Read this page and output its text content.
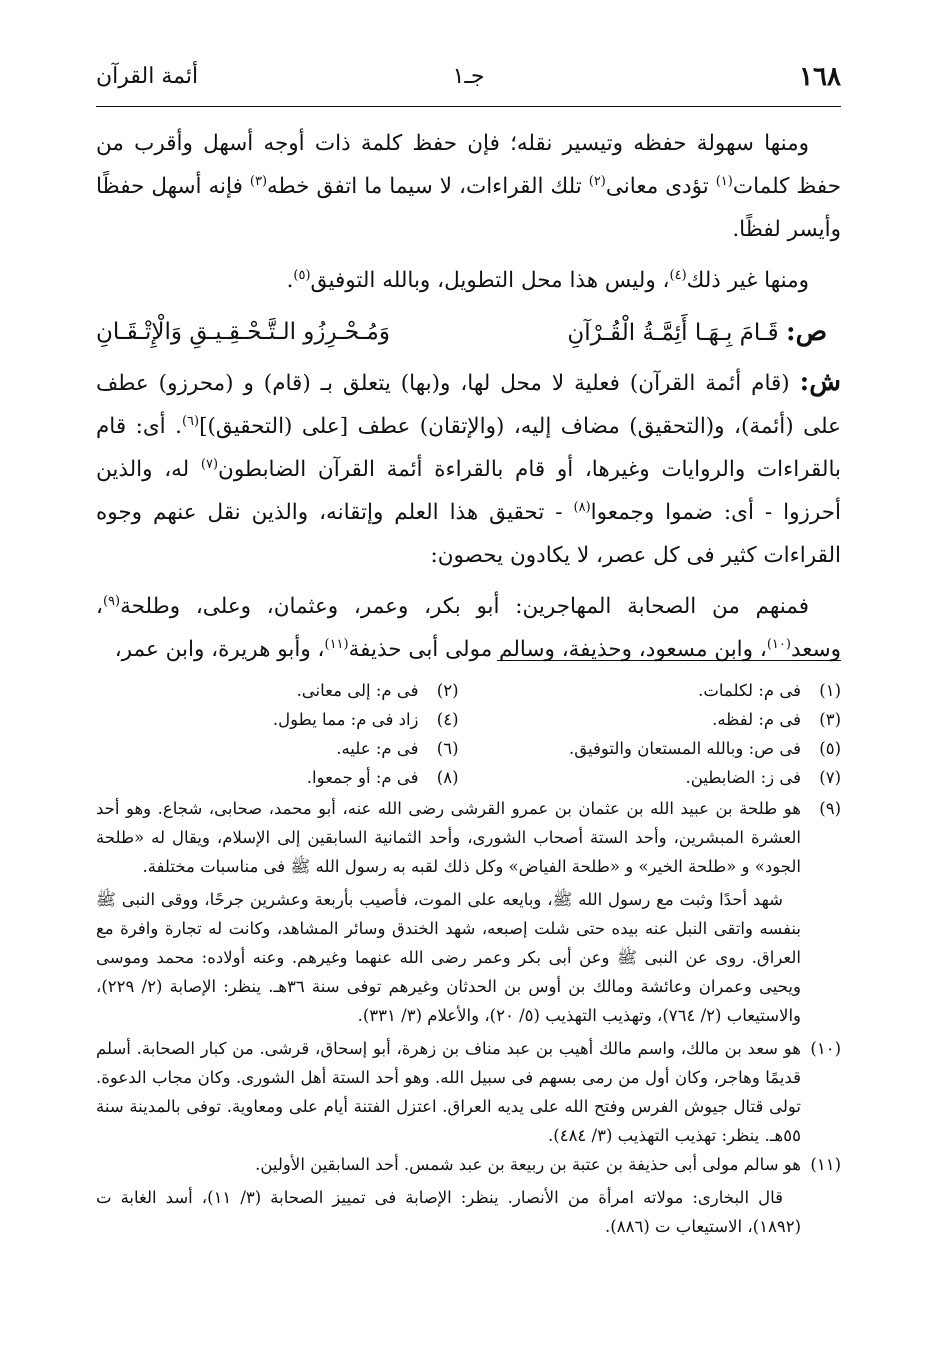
١٦٨
جـ١
أئمة القرآن

ومنها سهولة حفظه وتيسير نقله؛ فإن حفظ كلمة ذات أوجه أسهل وأقرب من حفظ كلمات$^{(١)}$ تؤدى معانى$^{(٢)}$ تلك القراءات، لا سيما ما اتفق خطه$^{(٣)}$ فإنه أسهل حفظًا وأيسر لفظًا.

ومنها غير ذلك$^{(٤)}$، وليس هذا محل التطويل، وبالله التوفيق$^{(٥)}$.

ص: قَـامَ بِـهَـا أَئِمَّـةُ الْقُـرْآنِ
وَمُـحْـرِزُو الـتَّـحْـقِـيـقِ وَالْإِتْـقَـانِ

ش: (قام أئمة القرآن) فعلية لا محل لها، و(بها) يتعلق بـ (قام) و (محرزو) عطف على (أئمة)، و(التحقيق) مضاف إليه، (والإتقان) عطف [على (التحقيق)]$^{(٦)}$. أى: قام بالقراءات والروايات وغيرها، أو قام بالقراءة أئمة القرآن الضابطون$^{(٧)}$ له، والذين أحرزوا - أى: ضموا وجمعوا$^{(٨)}$ - تحقيق هذا العلم وإتقانه، والذين نقل عنهم وجوه القراءات كثير فى كل عصر، لا يكادون يحصون:

فمنهم من الصحابة المهاجرين: أبو بكر، وعمر، وعثمان، وعلى، وطلحة$^{(٩)}$، وسعد$^{(١٠)}$، وابن مسعود، وحذيفة، وسالم مولى أبى حذيفة$^{(١١)}$، وأبو هريرة، وابن عمر،

(١)
فى م: لكلمات.
(٢)
فى م: إلى معانى.
(٣)
فى م: لفظه.
(٤)
زاد فى م: مما يطول.
(٥)
فى ص: وبالله المستعان والتوفيق.
(٦)
فى م: عليه.
(٧)
فى ز: الضابطين.
(٨)
فى م: أو جمعوا.
(٩)
هو طلحة بن عبيد الله بن عثمان بن عمرو القرشى رضى الله عنه، أبو محمد، صحابى، شجاع. وهو أحد العشرة المبشرين، وأحد الستة أصحاب الشورى، وأحد الثمانية السابقين إلى الإسلام، ويقال له «طلحة الجود» و «طلحة الخير» و «طلحة الفياض» وكل ذلك لقبه به رسول الله ﷺ فى مناسبات مختلفة.

شهد أحدًا وثبت مع رسول الله ﷺ، وبايعه على الموت، فأصيب بأربعة وعشرين جرحًا، ووقى النبى ﷺ بنفسه واتقى النبل عنه بيده حتى شلت إصبعه، شهد الخندق وسائر المشاهد، وكانت له تجارة وافرة مع العراق. روى عن النبى ﷺ وعن أبى بكر وعمر رضى الله عنهما وغيرهم. وعنه أولاده: محمد وموسى ويحيى وعمران وعائشة ومالك بن أوس بن الحدثان وغيرهم توفى سنة ٣٦هـ. ينظر: الإصابة (٢/ ٢٢٩)، والاستيعاب (٢/ ٧٦٤)، وتهذيب التهذيب (٥/ ٢٠)، والأعلام (٣/ ٣٣١).

(١٠)
هو سعد بن مالك، واسم مالك أهيب بن عبد مناف بن زهرة، أبو إسحاق، قرشى. من كبار الصحابة. أسلم قديمًا وهاجر، وكان أول من رمى بسهم فى سبيل الله. وهو أحد الستة أهل الشورى. وكان مجاب الدعوة. تولى قتال جيوش الفرس وفتح الله على يديه العراق. اعتزل الفتنة أيام على ومعاوية. توفى بالمدينة سنة ٥٥هـ. ينظر: تهذيب التهذيب (٣/ ٤٨٤).
(١١)
هو سالم مولى أبى حذيفة بن عتبة بن ربيعة بن عبد شمس. أحد السابقين الأولين.

قال البخارى: مولاته امرأة من الأنصار. ينظر: الإصابة فى تمييز الصحابة (٣/ ١١)، أسد الغابة ت (١٨٩٢)، الاستيعاب ت (٨٨٦).
